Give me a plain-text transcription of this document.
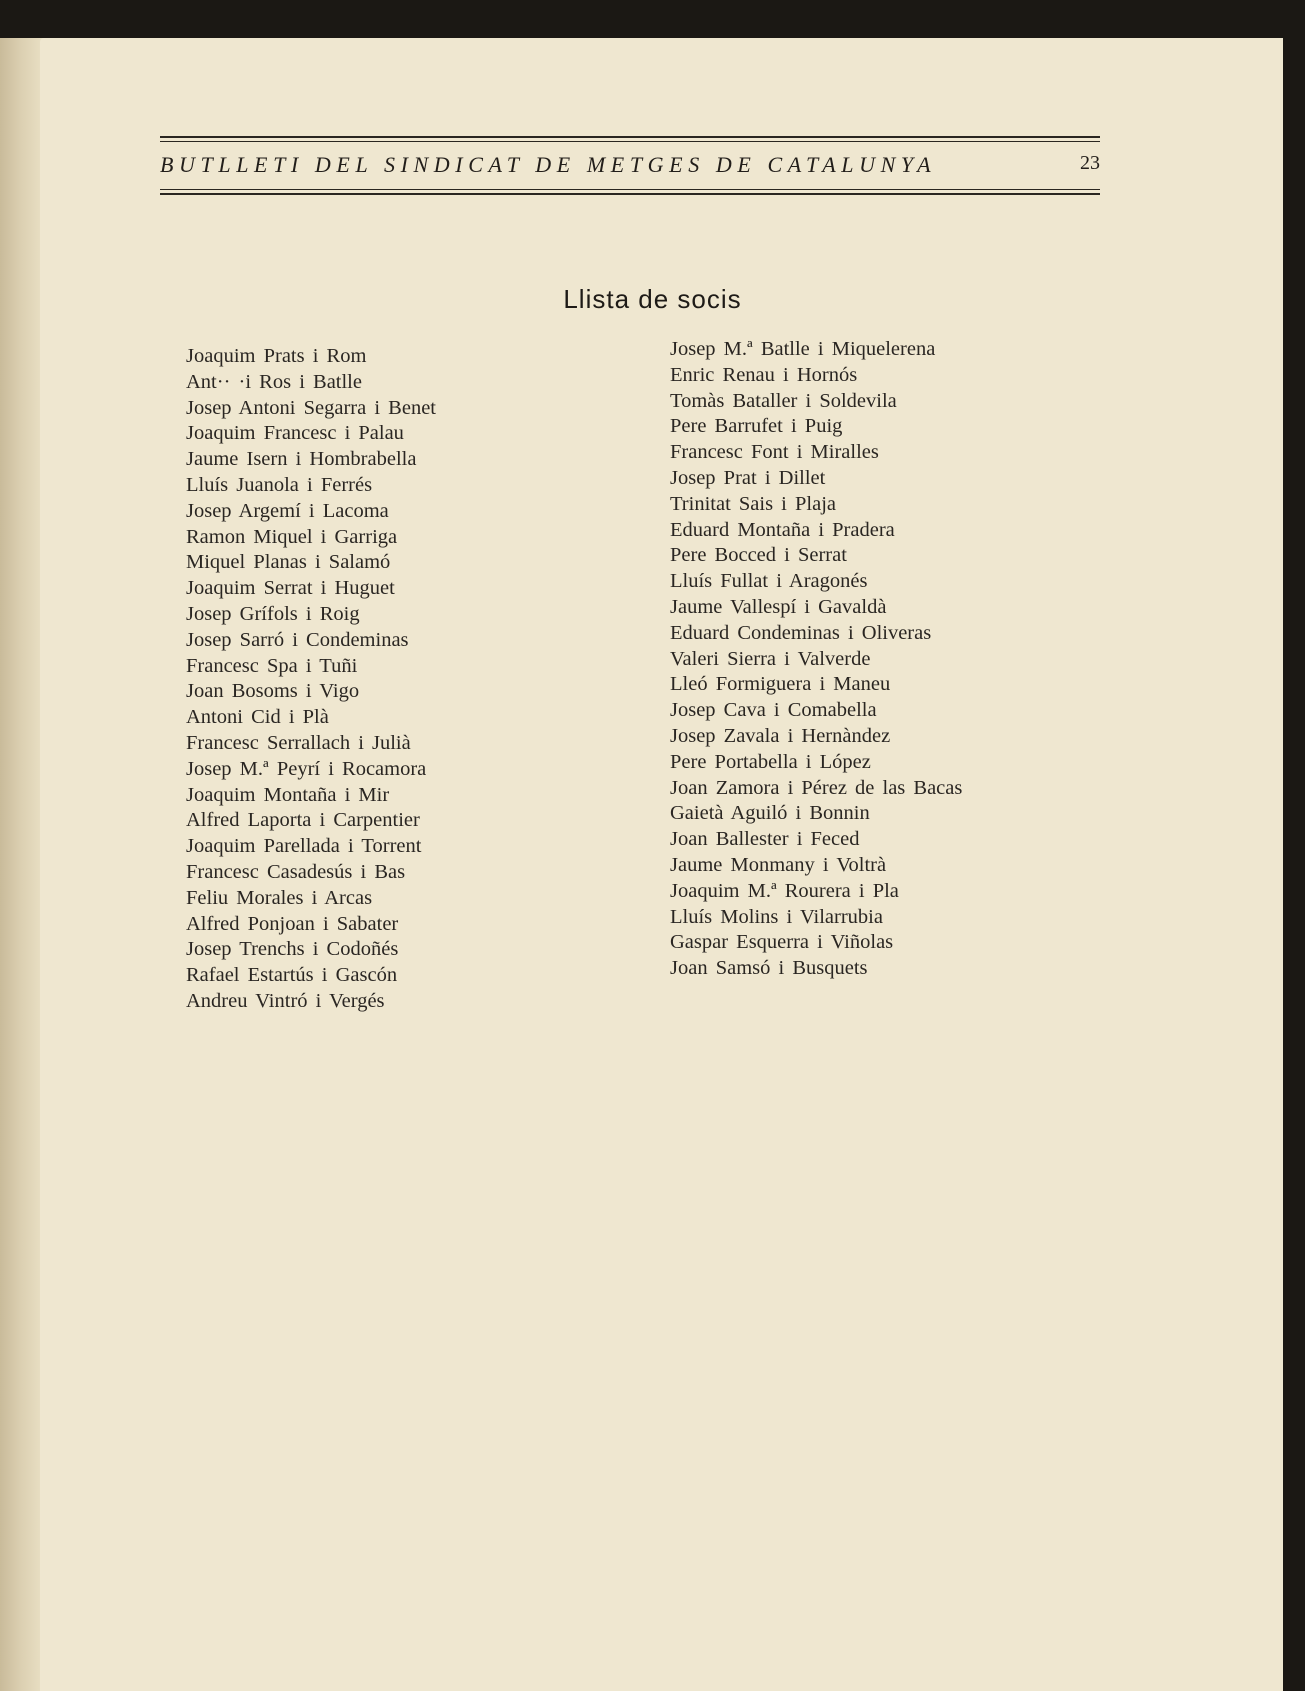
BUTLLETI DEL SINDICAT DE METGES DE CATALUNYA	23
Llista de socis
Joaquim Prats i Rom
Ant·· ·i Ros i Batlle
Josep Antoni Segarra i Benet
Joaquim Francesc i Palau
Jaume Isern i Hombrabella
Lluís Juanola i Ferrés
Josep Argemí i Lacoma
Ramon Miquel i Garriga
Miquel Planas i Salamó
Joaquim Serrat i Huguet
Josep Grífols i Roig
Josep Sarró i Condeminas
Francesc Spa i Tuñi
Joan Bosoms i Vigo
Antoni Cid i Plà
Francesc Serrallach i Julià
Josep M.ª Peyrí i Rocamora
Joaquim Montaña i Mir
Alfred Laporta i Carpentier
Joaquim Parellada i Torrent
Francesc Casadesús i Bas
Feliu Morales i Arcas
Alfred Ponjoan i Sabater
Josep Trenchs i Codoñés
Rafael Estartús i Gascón
Andreu Vintró i Vergés
Josep M.ª Batlle i Miquelerena
Enric Renau i Hornós
Tomàs Bataller i Soldevila
Pere Barrufet i Puig
Francesc Font i Miralles
Josep Prat i Dillet
Trinitat Sais i Plaja
Eduard Montaña i Pradera
Pere Bocced i Serrat
Lluís Fullat i Aragonés
Jaume Vallespí i Gavaldà
Eduard Condeminas i Oliveras
Valeri Sierra i Valverde
Lleó Formiguera i Maneu
Josep Cava i Comabella
Josep Zavala i Hernàndez
Pere Portabella i López
Joan Zamora i Pérez de las Bacas
Gaietà Aguiló i Bonnin
Joan Ballester i Feced
Jaume Monmany i Voltrà
Joaquim M.ª Rourera i Pla
Lluís Molins i Vilarrubia
Gaspar Esquerra i Viñolas
Joan Samsó i Busquets
